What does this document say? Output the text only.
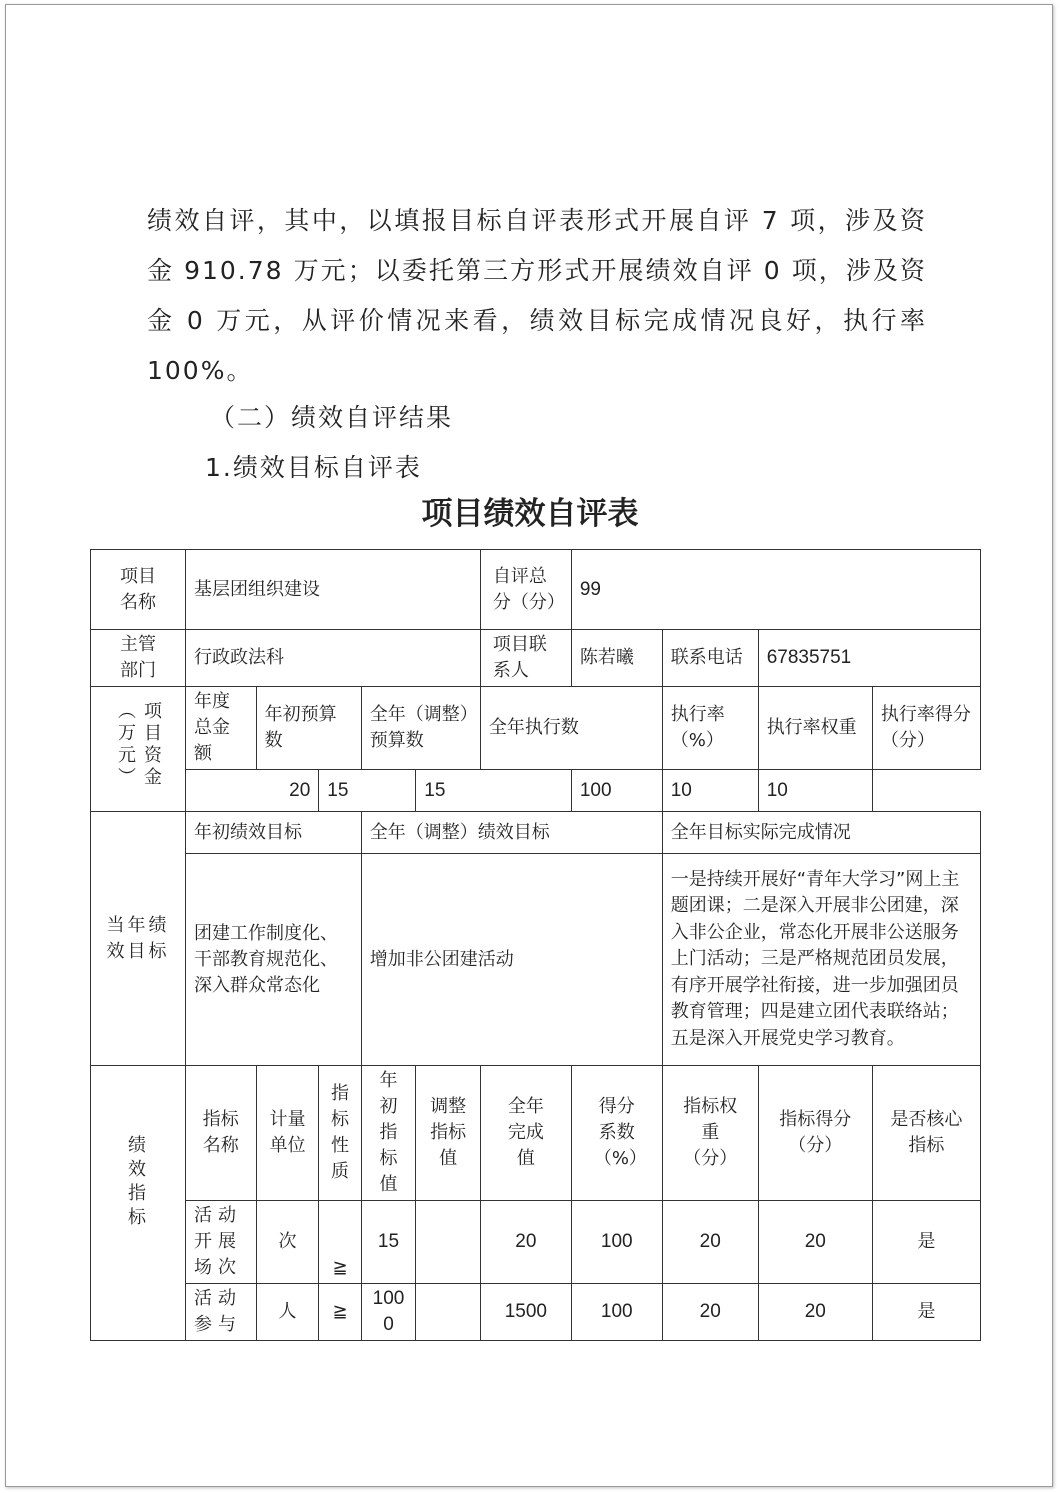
绩效自评，其中，以填报目标自评表形式开展自评 7 项，涉及资金 910.78 万元；以委托第三方形式开展绩效自评 0 项，涉及资金 0 万元，从评价情况来看，绩效目标完成情况良好，执行率100%。

（二）绩效自评结果
1.绩效目标自评表
项目绩效自评表
项目名称	基层团组织建设					自评总分（分）	99			
主管部门	行政政法科					项目联系人	陈若曦	联系电话	67835751	
项目资金（万元）	年度总金额	年初预算数		全年（调整）预算数		全年执行数		执行率（%）	执行率权重	执行率得分（分）
	20		15		15		100	10	10	
当年绩效目标	年初绩效目标			全年（调整）绩效目标				全年目标实际完成情况		
	团建工作制度化、干部教育规范化、深入群众常态化			增加非公团建活动				一是持续开展好“青年大学习”网上主题团课；二是深入开展非公团建，深入非公企业，常态化开展非公送服务上门活动；三是严格规范团员发展，有序开展学社衔接，进一步加强团员教育管理；四是建立团代表联络站；五是深入开展党史学习教育。		
绩效指标	指标名称	计量单位	指标性质	年初指标值	调整指标值	全年完成值	得分系数（%）	指标权重（分）	指标得分（分）	是否核心指标
	活动开展场次	次	≧	15		20	100	20	20	是
	活动参与	人	≧	1000		1500	100	20	20	是
